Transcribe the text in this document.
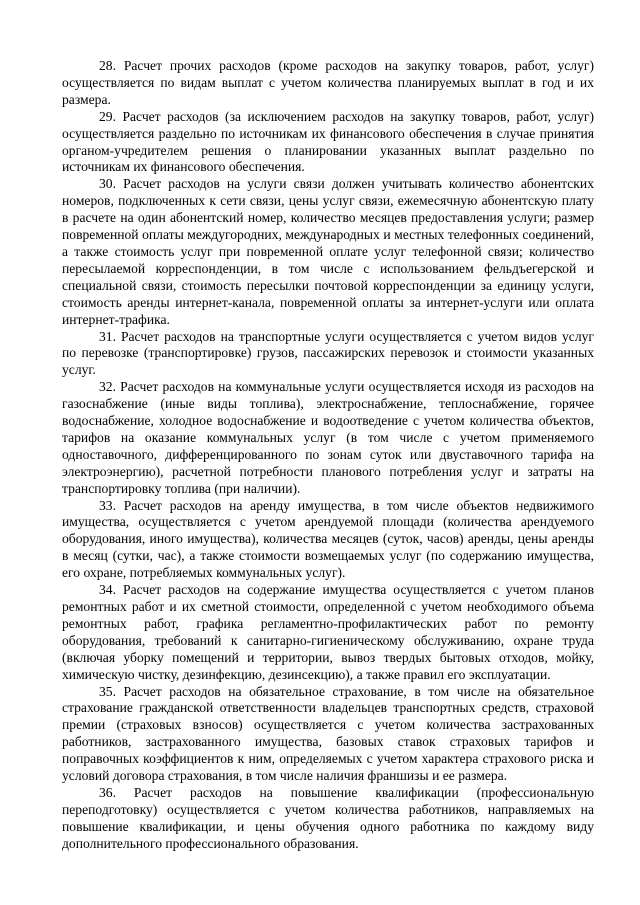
28. Расчет прочих расходов (кроме расходов на закупку товаров, работ, услуг) осуществляется по видам выплат с учетом количества планируемых выплат в год и их размера.

29. Расчет расходов (за исключением расходов на закупку товаров, работ, услуг) осуществляется раздельно по источникам их финансового обеспечения в случае принятия органом-учредителем решения о планировании указанных выплат раздельно по источникам их финансового обеспечения.

30. Расчет расходов на услуги связи должен учитывать количество абонентских номеров, подключенных к сети связи, цены услуг связи, ежемесячную абонентскую плату в расчете на один абонентский номер, количество месяцев предоставления услуги; размер повременной оплаты междугородних, международных и местных телефонных соединений, а также стоимость услуг при повременной оплате услуг телефонной связи; количество пересылаемой корреспонденции, в том числе с использованием фельдъегерской и специальной связи, стоимость пересылки почтовой корреспонденции за единицу услуги, стоимость аренды интернет-канала, повременной оплаты за интернет-услуги или оплата интернет-трафика.

31. Расчет расходов на транспортные услуги осуществляется с учетом видов услуг по перевозке (транспортировке) грузов, пассажирских перевозок и стоимости указанных услуг.

32. Расчет расходов на коммунальные услуги осуществляется исходя из расходов на газоснабжение (иные виды топлива), электроснабжение, теплоснабжение, горячее водоснабжение, холодное водоснабжение и водоотведение с учетом количества объектов, тарифов на оказание коммунальных услуг (в том числе с учетом применяемого одноставочного, дифференцированного по зонам суток или двуставочного тарифа на электроэнергию), расчетной потребности планового потребления услуг и затраты на транспортировку топлива (при наличии).

33. Расчет расходов на аренду имущества, в том числе объектов недвижимого имущества, осуществляется с учетом арендуемой площади (количества арендуемого оборудования, иного имущества), количества месяцев (суток, часов) аренды, цены аренды в месяц (сутки, час), а также стоимости возмещаемых услуг (по содержанию имущества, его охране, потребляемых коммунальных услуг).

34. Расчет расходов на содержание имущества осуществляется с учетом планов ремонтных работ и их сметной стоимости, определенной с учетом необходимого объема ремонтных работ, графика регламентно-профилактических работ по ремонту оборудования, требований к санитарно-гигиеническому обслуживанию, охране труда (включая уборку помещений и территории, вывоз твердых бытовых отходов, мойку, химическую чистку, дезинфекцию, дезинсекцию), а также правил его эксплуатации.

35. Расчет расходов на обязательное страхование, в том числе на обязательное страхование гражданской ответственности владельцев транспортных средств, страховой премии (страховых взносов) осуществляется с учетом количества застрахованных работников, застрахованного имущества, базовых ставок страховых тарифов и поправочных коэффициентов к ним, определяемых с учетом характера страхового риска и условий договора страхования, в том числе наличия франшизы и ее размера.

36. Расчет расходов на повышение квалификации (профессиональную переподготовку) осуществляется с учетом количества работников, направляемых на повышение квалификации, и цены обучения одного работника по каждому виду дополнительного профессионального образования.
